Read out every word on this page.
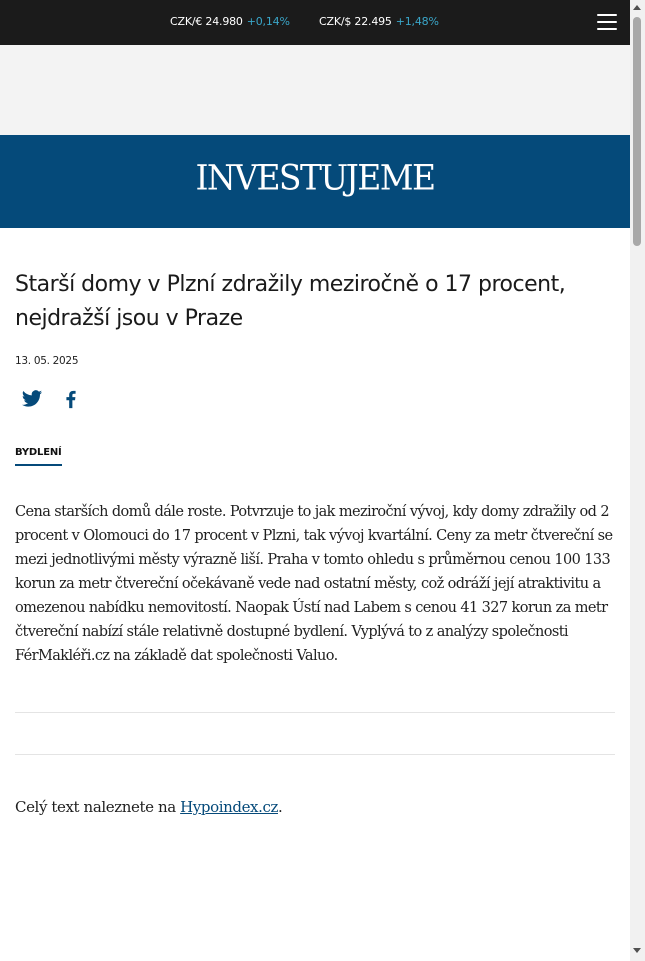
CZK/€ 24.980 +0,14%	CZK/$ 22.495 +1,48%
INVESTUJEME
Starší domy v Plzní zdražily meziročně o 17 procent, nejdražší jsou v Praze
13. 05. 2025
BYDLENÍ

Cena starších domů dále roste. Potvrzuje to jak meziroční vývoj, kdy domy zdražily od 2 procent v Olomouci do 17 procent v Plzni, tak vývoj kvartální. Ceny za metr čtvereční se mezi jednotlivými městy výrazně liší. Praha v tomto ohledu s průměrnou cenou 100 133 korun za metr čtvereční očekávaně vede nad ostatní městy, což odráží její atraktivitu a omezenou nabídku nemovitostí. Naopak Ústí nad Labem s cenou 41 327 korun za metr čtvereční nabízí stále relativně dostupné bydlení. Vyplývá to z analýzy společnosti FérMakléři.cz na základě dat společnosti Valuo.

Celý text naleznete na Hypoindex.cz.
